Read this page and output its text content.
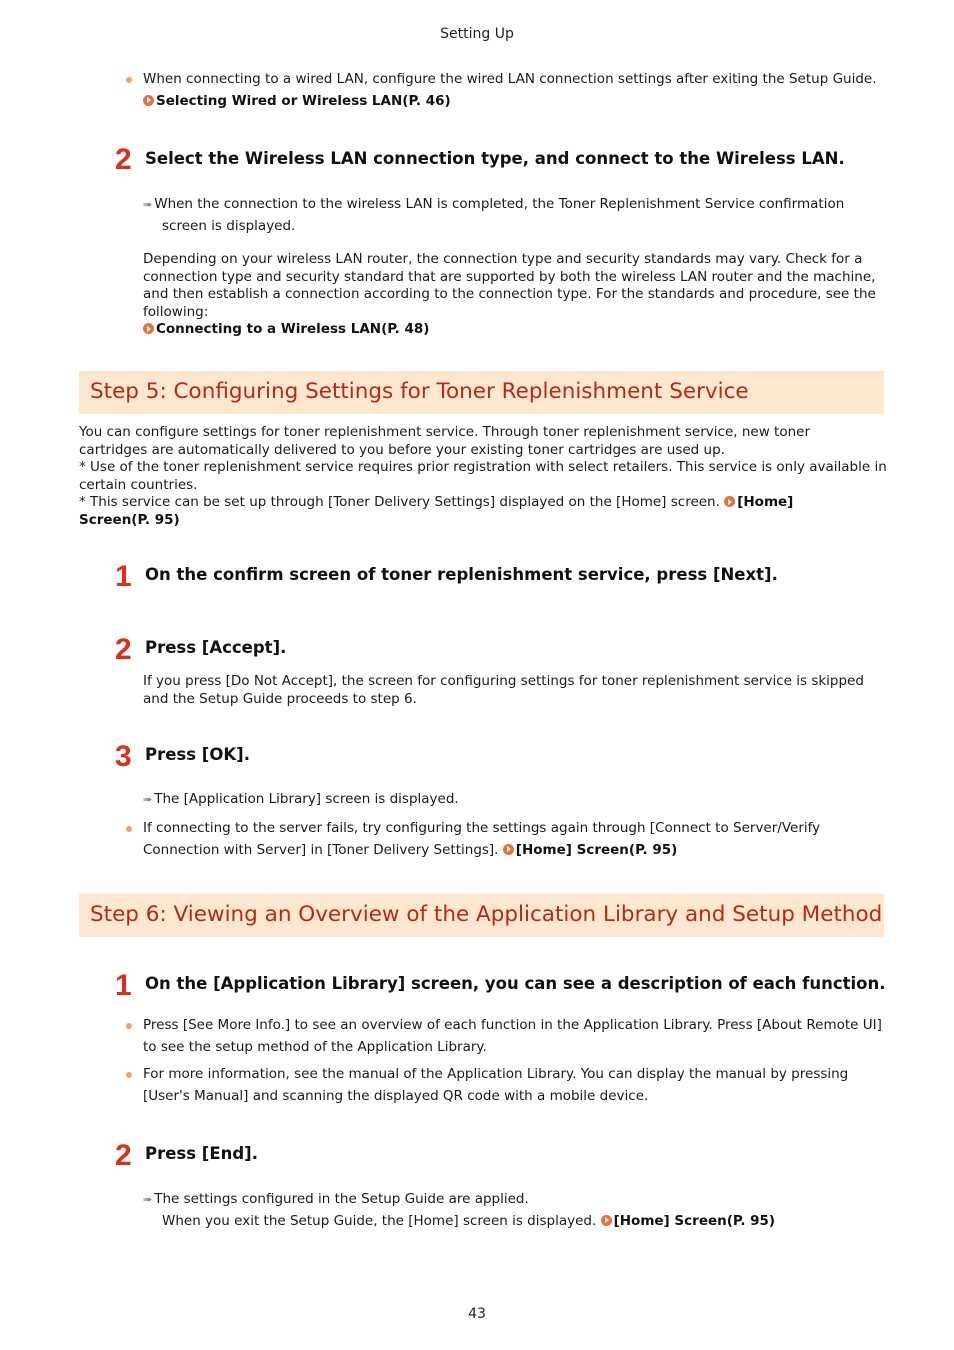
Setting Up

When connecting to a wired LAN, configure the wired LAN connection settings after exiting the Setup Guide.

Selecting Wired or Wireless LAN(P. 46)

2 Select the Wireless LAN connection type, and connect to the Wireless LAN.

➠ When the connection to the wireless LAN is completed, the Toner Replenishment Service confirmation

screen is displayed.

Depending on your wireless LAN router, the connection type and security standards may vary. Check for a

connection type and security standard that are supported by both the wireless LAN router and the machine,

and then establish a connection according to the connection type. For the standards and procedure, see the

following:

Connecting to a Wireless LAN(P. 48)

Step 5: Configuring Settings for Toner Replenishment Service

You can configure settings for toner replenishment service. Through toner replenishment service, new toner

cartridges are automatically delivered to you before your existing toner cartridges are used up.

* Use of the toner replenishment service requires prior registration with select retailers. This service is only available in

certain countries.

* This service can be set up through [Toner Delivery Settings] displayed on the [Home] screen. [Home]

Screen(P. 95)

1 On the confirm screen of toner replenishment service, press [Next].
2 Press [Accept].

If you press [Do Not Accept], the screen for configuring settings for toner replenishment service is skipped

and the Setup Guide proceeds to step 6.

3 Press [OK].

➠ The [Application Library] screen is displayed.

If connecting to the server fails, try configuring the settings again through [Connect to Server/Verify

Connection with Server] in [Toner Delivery Settings]. [Home] Screen(P. 95)

Step 6: Viewing an Overview of the Application Library and Setup Method
1 On the [Application Library] screen, you can see a description of each function.

Press [See More Info.] to see an overview of each function in the Application Library. Press [About Remote UI]

to see the setup method of the Application Library.

For more information, see the manual of the Application Library. You can display the manual by pressing

[User's Manual] and scanning the displayed QR code with a mobile device.

2 Press [End].

➠ The settings configured in the Setup Guide are applied.

When you exit the Setup Guide, the [Home] screen is displayed. [Home] Screen(P. 95)

43
